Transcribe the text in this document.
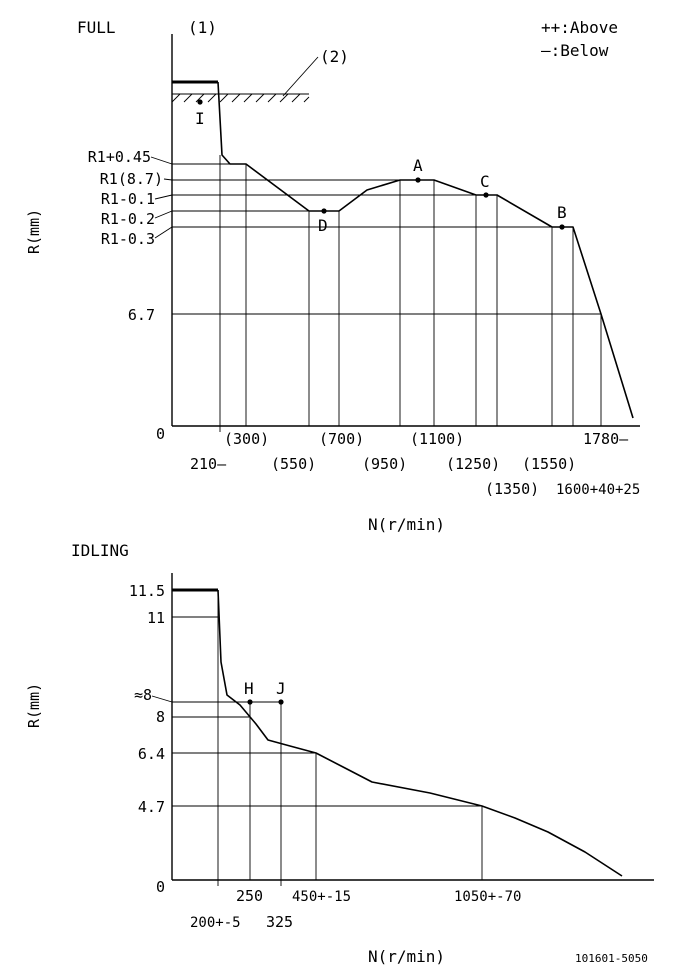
FULL	(1)	++:Above
—:Below
(2)
I
D
A
C
B
R1+0.45
R1(8.7)
R1-0.1
R1-0.2
R1-0.3
6.7
0
R(mm)
(300)	(700)	(1100)	1780—
210—	(550)	(950)	(1250) (1550)
(1350) 1600+40+25
N(r/min)
IDLING
H J
11.5
11
≈8
8
6.4
4.7
0
R(mm)
250 450+-15	1050+-70
200+-5 325
N(r/min)	101601-5050
